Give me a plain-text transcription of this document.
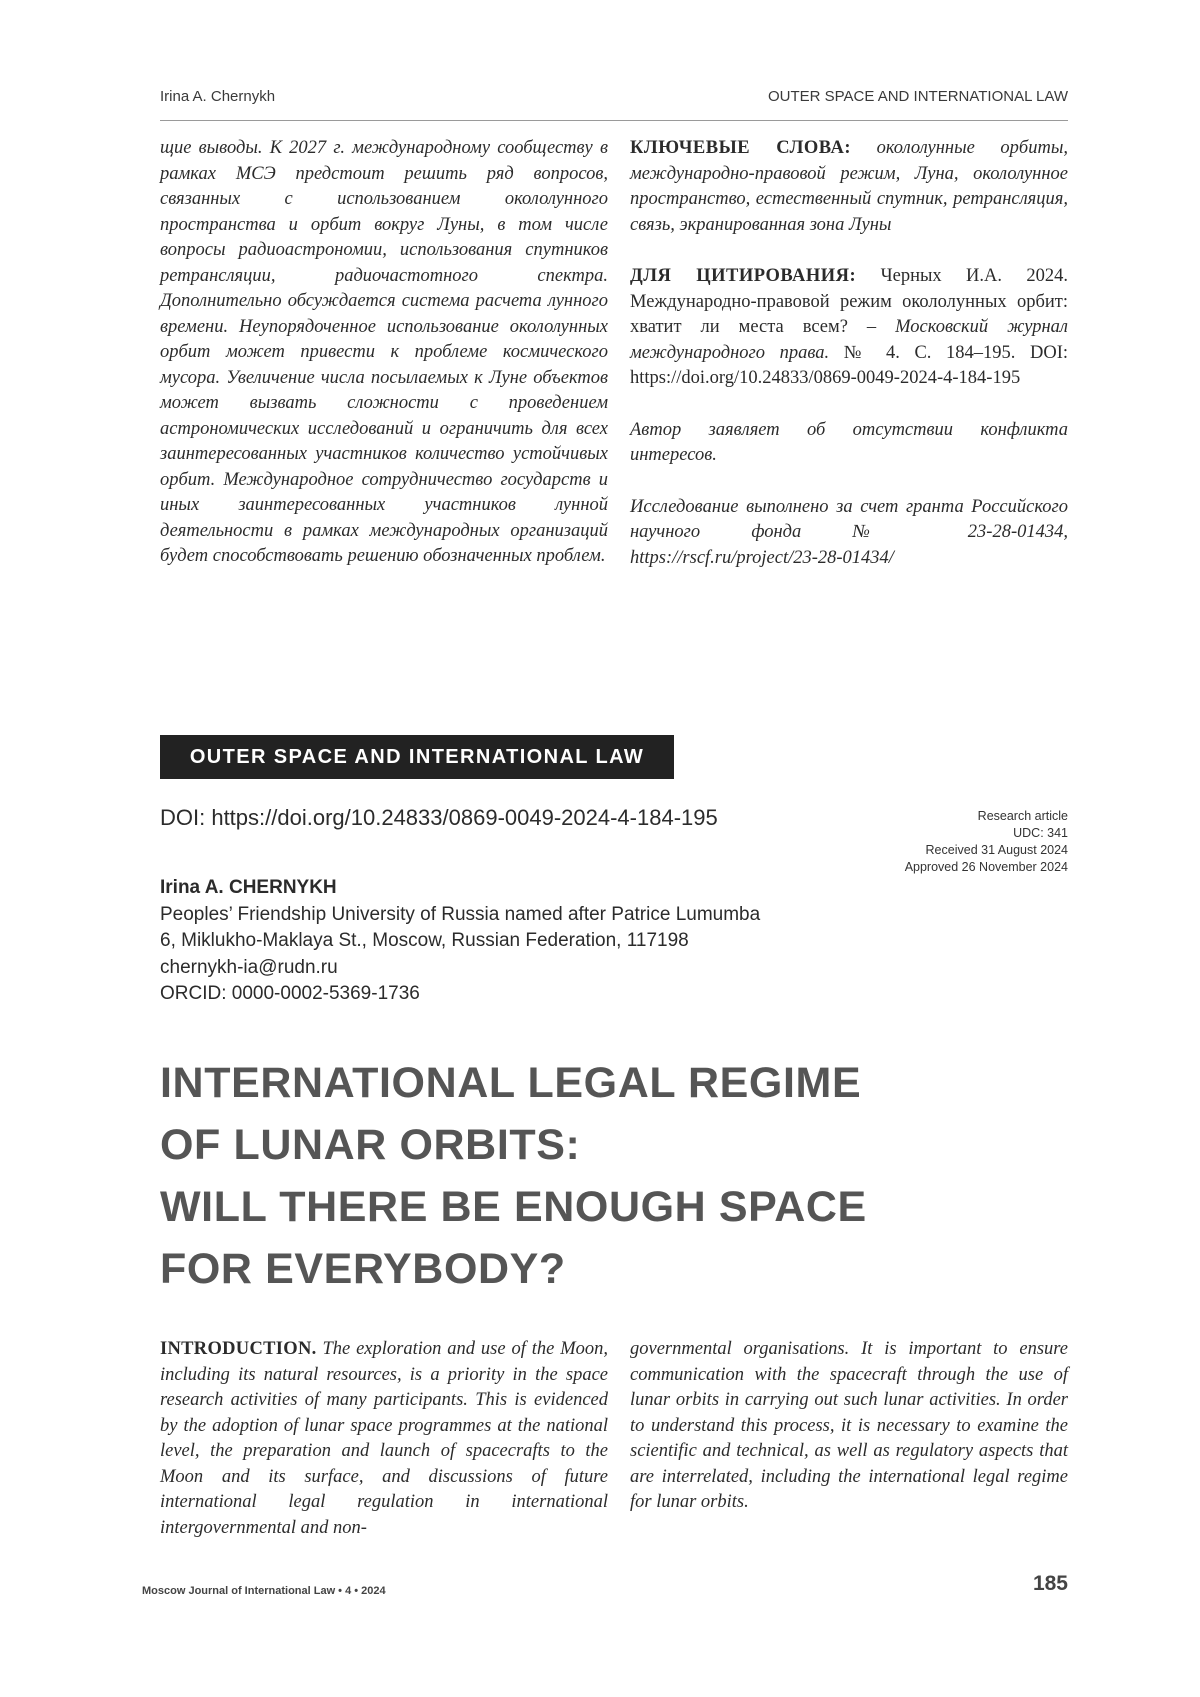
Irina A. Chernykh	OUTER SPACE AND INTERNATIONAL LAW
щие выводы. К 2027 г. международному сообществу в рамках МСЭ предстоит решить ряд вопросов, связанных с использованием окололунного пространства и орбит вокруг Луны, в том числе вопросы радиоастрономии, использования спутников ретрансляции, радиочастотного спектра. Дополнительно обсуждается система расчета лунного времени. Неупорядоченное использование окололунных орбит может привести к проблеме космического мусора. Увеличение числа посылаемых к Луне объектов может вызвать сложности с проведением астрономических исследований и ограничить для всех заинтересованных участников количество устойчивых орбит. Международное сотрудничество государств и иных заинтересованных участников лунной деятельности в рамках международных организаций будет способствовать решению обозначенных проблем.

КЛЮЧЕВЫЕ СЛОВА: окололунные орбиты, международно-правовой режим, Луна, окололунное пространство, естественный спутник, ретрансляция, связь, экранированная зона Луны

ДЛЯ ЦИТИРОВАНИЯ: Черных И.А. 2024. Международно-правовой режим окололунных орбит: хватит ли места всем? – Московский журнал международного права. № 4. С. 184–195. DOI: https://doi.org/10.24833/0869-0049-2024-4-184-195

Автор заявляет об отсутствии конфликта интересов.

Исследование выполнено за счет гранта Российского научного фонда № 23-28-01434, https://rscf.ru/project/23-28-01434/

OUTER SPACE AND INTERNATIONAL LAW
DOI: https://doi.org/10.24833/0869-0049-2024-4-184-195	Research article
UDC: 341
Received 31 August 2024
Approved 26 November 2024
Irina A. CHERNYKH
Peoples’ Friendship University of Russia named after Patrice Lumumba
6, Miklukho-Maklaya St., Moscow, Russian Federation, 117198
chernykh-ia@rudn.ru
ORCID: 0000-0002-5369-1736
INTERNATIONAL LEGAL REGIME
OF LUNAR ORBITS:
WILL THERE BE ENOUGH SPACE
FOR EVERYBODY?
INTRODUCTION. The exploration and use of the Moon, including its natural resources, is a priority in the space research activities of many participants. This is evidenced by the adoption of lunar space programmes at the national level, the preparation and launch of spacecrafts to the Moon and its surface, and discussions of future international legal regulation in international intergovernmental and non-
governmental organisations. It is important to ensure communication with the spacecraft through the use of lunar orbits in carrying out such lunar activities. In order to understand this process, it is necessary to examine the scientific and technical, as well as regulatory aspects that are interrelated, including the international legal regime for lunar orbits.
Moscow Journal of International Law • 4 • 2024	185
